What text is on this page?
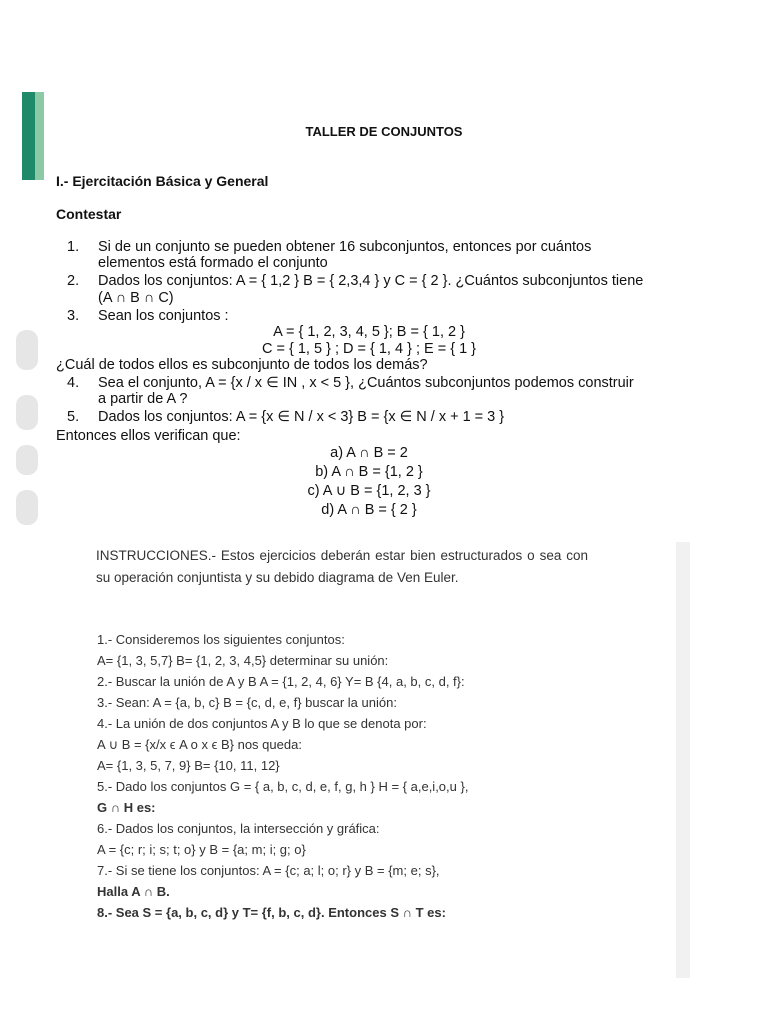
TALLER DE CONJUNTOS
I.- Ejercitación Básica y General
Contestar
1.	Si de un conjunto se pueden obtener 16 subconjuntos, entonces por cuántos
elementos está formado el conjunto
2.	Dados los conjuntos: A = { 1,2 } B = { 2,3,4 } y C = { 2 }. ¿Cuántos subconjuntos tiene
(A ∩ B ∩ C)
3.	Sean los conjuntos :
A = { 1, 2, 3, 4, 5 }; B = { 1, 2 }
C = { 1, 5 } ; D = { 1, 4 } ; E = { 1 }
¿Cuál de todos ellos es subconjunto de todos los demás?
4.	Sea el conjunto, A = {x / x ∈ IN , x < 5 }, ¿Cuántos subconjuntos podemos construir
a partir de A ?
5.	Dados los conjuntos: A = {x ∈ N / x < 3} B = {x ∈ N / x + 1 = 3 }
Entonces ellos verifican que:
a) A ∩ B = 2
b) A ∩ B = {1, 2 }
c) A ∪ B = {1, 2, 3 }
d) A ∩ B = { 2 }
INSTRUCCIONES.- Estos ejercicios deberán estar bien estructurados o sea con su operación conjuntista y su debido diagrama de Ven Euler.
1.- Consideremos los siguientes conjuntos:
A= {1, 3, 5,7} B= {1, 2, 3, 4,5} determinar su unión:
2.- Buscar la unión de A y B A = {1, 2, 4, 6} Y= B {4, a, b, c, d, f}:
3.- Sean: A = {a, b, c} B = {c, d, e, f} buscar la unión:
4.- La unión de dos conjuntos A y B lo que se denota por:
A ∪ B = {x/x ϵ A o x ϵ B} nos queda:
A= {1, 3, 5, 7, 9} B= {10, 11, 12}
5.- Dado los conjuntos G = { a, b, c, d, e, f, g, h } H = { a,e,i,o,u },
G ∩ H es:
6.- Dados los conjuntos, la intersección y gráfica:
A = {c; r; i; s; t; o} y B = {a; m; i; g; o}
7.- Si se tiene los conjuntos: A = {c; a; l; o; r} y B = {m; e; s},
Halla A ∩ B.
8.- Sea S = {a, b, c, d} y T= {f, b, c, d}. Entonces S ∩ T es:
